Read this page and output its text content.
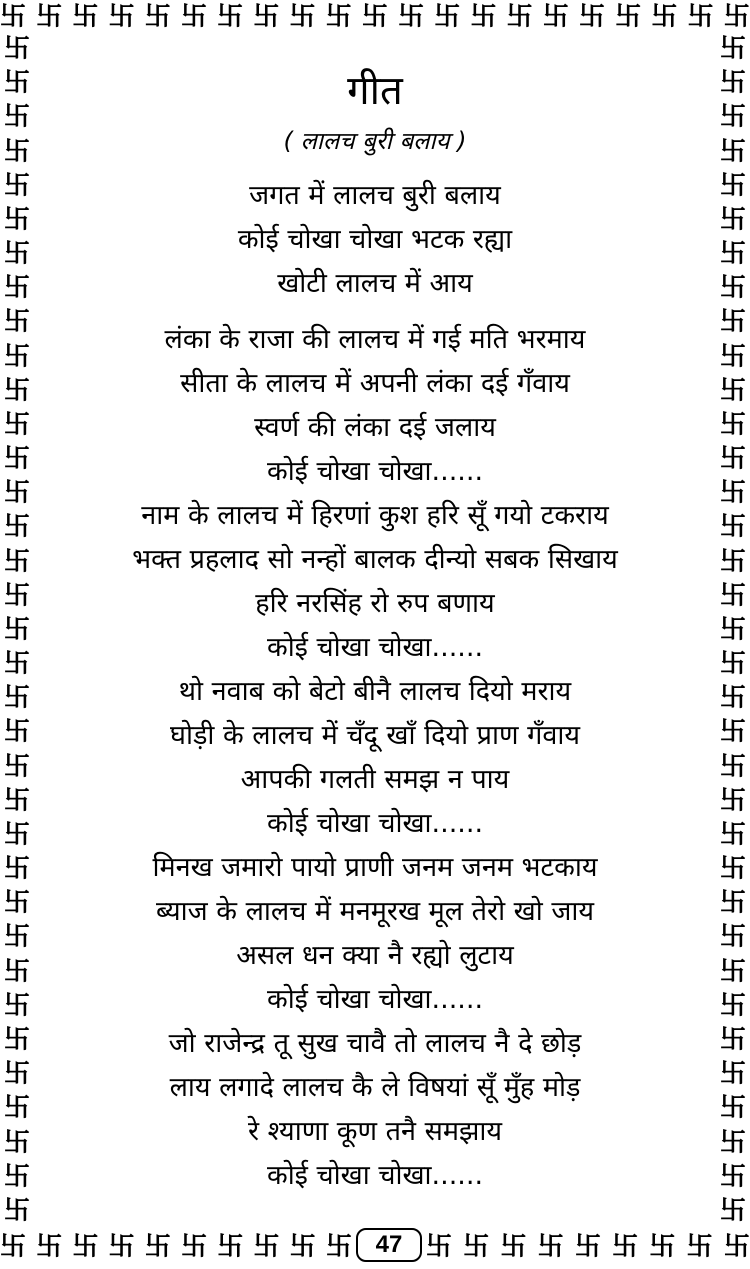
卐 卐 卐 卐 卐 卐 卐 卐 卐 卐 卐 卐 卐 卐 卐 卐 卐 卐 卐 卐 卐
卐
卐
卐
卐
卐
卐
卐
卐
卐
卐
卐
卐
卐
卐
卐
卐
卐
卐
卐
卐
卐
卐
卐
卐
卐
卐
卐
卐
卐
卐
卐
卐
卐
卐
卐
卐
卐
卐
卐
卐
卐
卐
卐
卐
卐
卐
卐
卐
卐
卐
卐
卐
卐
卐
卐
卐
卐
卐
卐
卐
卐
卐
卐
卐
卐
卐
卐
卐
卐
卐
卐 卐 卐 卐 卐 卐 卐 卐 卐 卐	卐 卐 卐 卐 卐 卐 卐 卐 卐
47
गीत
( लालच बुरी बलाय )
जगत में लालच बुरी बलाय
कोई चोखा चोखा भटक रह्या
खोटी लालच में आय
लंका के राजा की लालच में गई मति भरमाय
सीता के लालच में अपनी लंका दई गँवाय
स्वर्ण की लंका दई जलाय
कोई चोखा चोखा......
नाम के लालच में हिरणां कुश हरि सूँ गयो टकराय
भक्त प्रहलाद सो नन्हों बालक दीन्यो सबक सिखाय
हरि नरसिंह रो रुप बणाय
कोई चोखा चोखा......
थो नवाब को बेटो बीनै लालच दियो मराय
घोड़ी के लालच में चँदू खाँ दियो प्राण गँवाय
आपकी गलती समझ न पाय
कोई चोखा चोखा......
मिनख जमारो पायो प्राणी जनम जनम भटकाय
ब्याज के लालच में मनमूरख मूल तेरो खो जाय
असल धन क्या नै रह्यो लुटाय
कोई चोखा चोखा......
जो राजेन्द्र तू सुख चावै तो लालच नै दे छोड़
लाय लगादे लालच कै ले विषयां सूँ मुँह मोड़
रे श्याणा कूण तनै समझाय
कोई चोखा चोखा......
